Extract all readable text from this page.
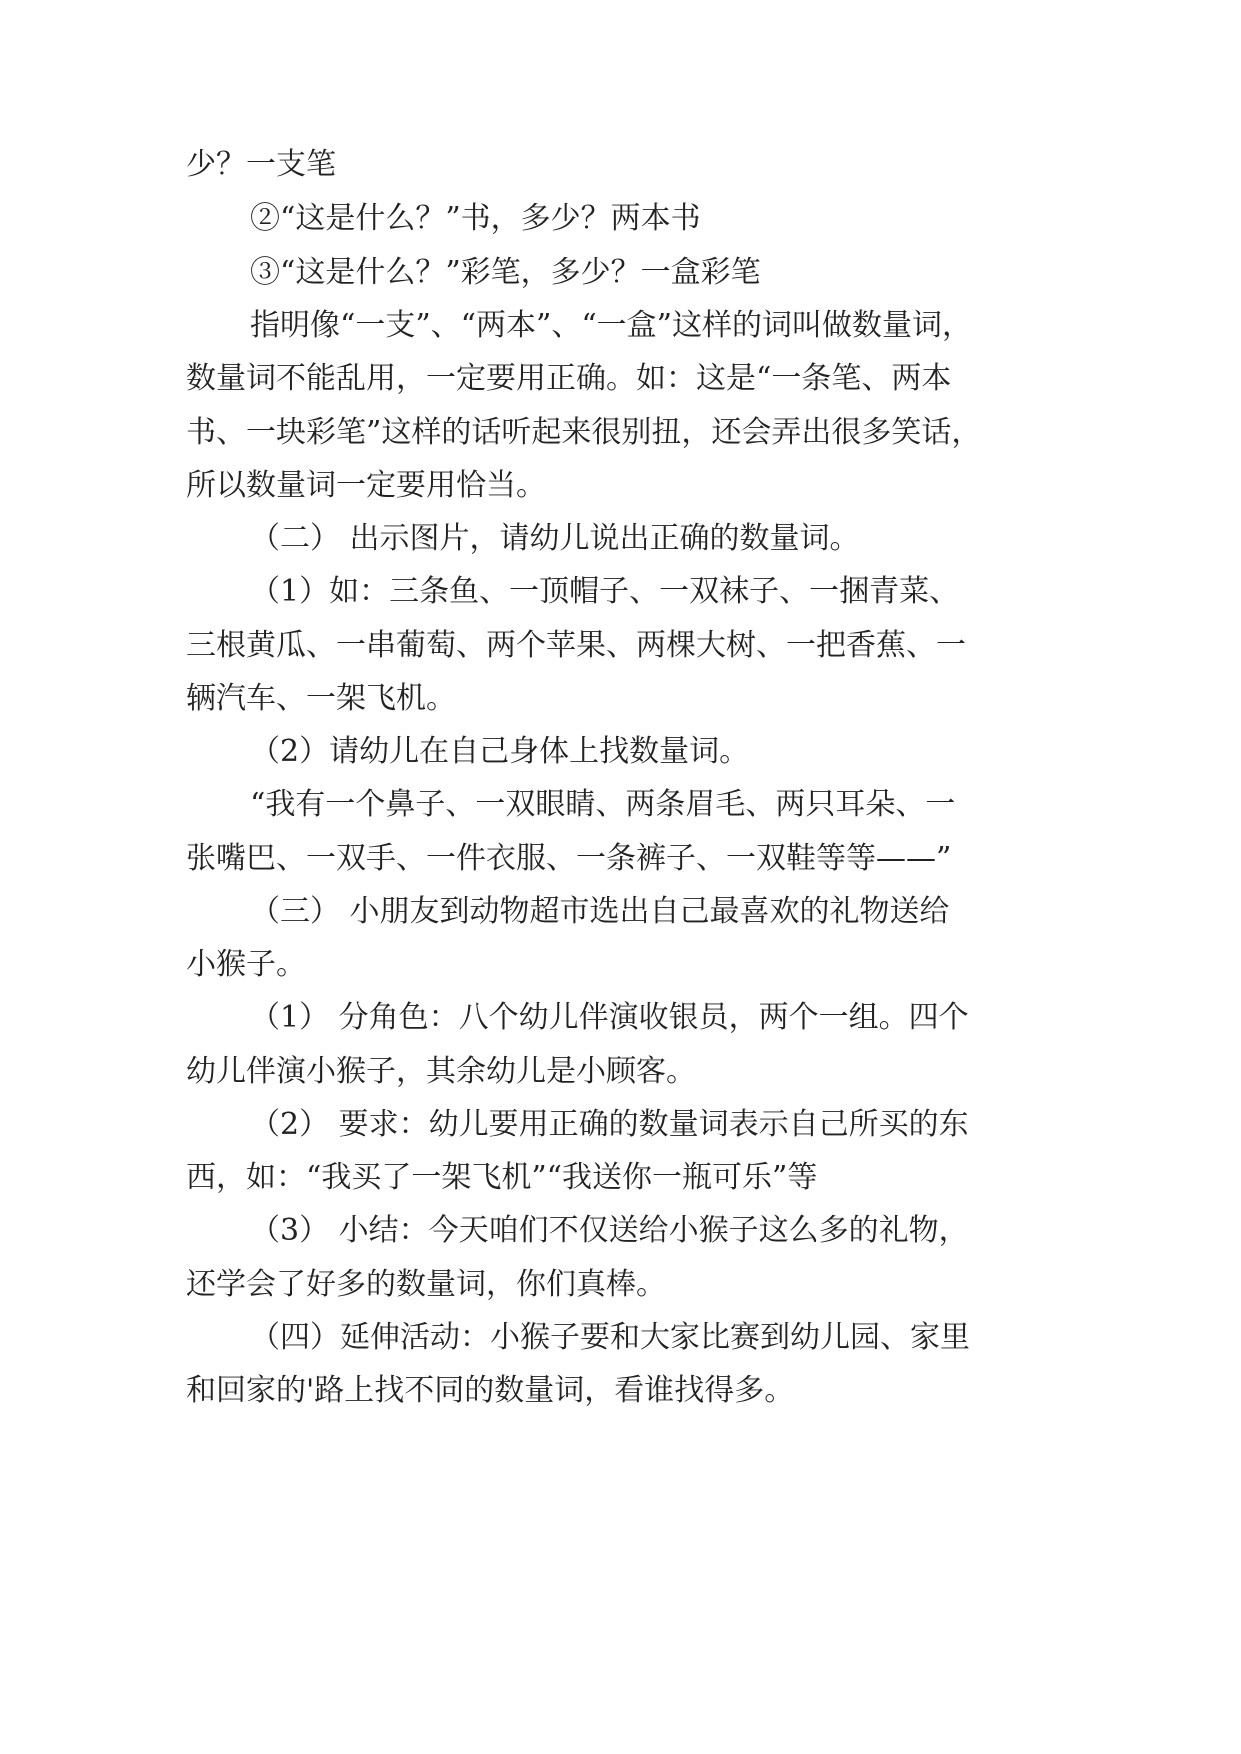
少？一支笔
②“这是什么？”书，多少？两本书
③“这是什么？”彩笔，多少？一盒彩笔
指明像“一支”、“两本”、“一盒”这样的词叫做数量词，
数量词不能乱用，一定要用正确。如：这是“一条笔、两本
书、一块彩笔”这样的话听起来很别扭，还会弄出很多笑话，
所以数量词一定要用恰当。
（二） 出示图片，请幼儿说出正确的数量词。
（1）如：三条鱼、一顶帽子、一双袜子、一捆青菜、
三根黄瓜、一串葡萄、两个苹果、两棵大树、一把香蕉、一
辆汽车、一架飞机。
（2）请幼儿在自己身体上找数量词。
“我有一个鼻子、一双眼睛、两条眉毛、两只耳朵、一
张嘴巴、一双手、一件衣服、一条裤子、一双鞋等等——”
（三） 小朋友到动物超市选出自己最喜欢的礼物送给
小猴子。
（1） 分角色：八个幼儿伴演收银员，两个一组。四个
幼儿伴演小猴子，其余幼儿是小顾客。
（2） 要求：幼儿要用正确的数量词表示自己所买的东
西，如：“我买了一架飞机”“我送你一瓶可乐”等
（3） 小结：今天咱们不仅送给小猴子这么多的礼物，
还学会了好多的数量词，你们真棒。
（四）延伸活动：小猴子要和大家比赛到幼儿园、家里
和回家的'路上找不同的数量词，看谁找得多。
